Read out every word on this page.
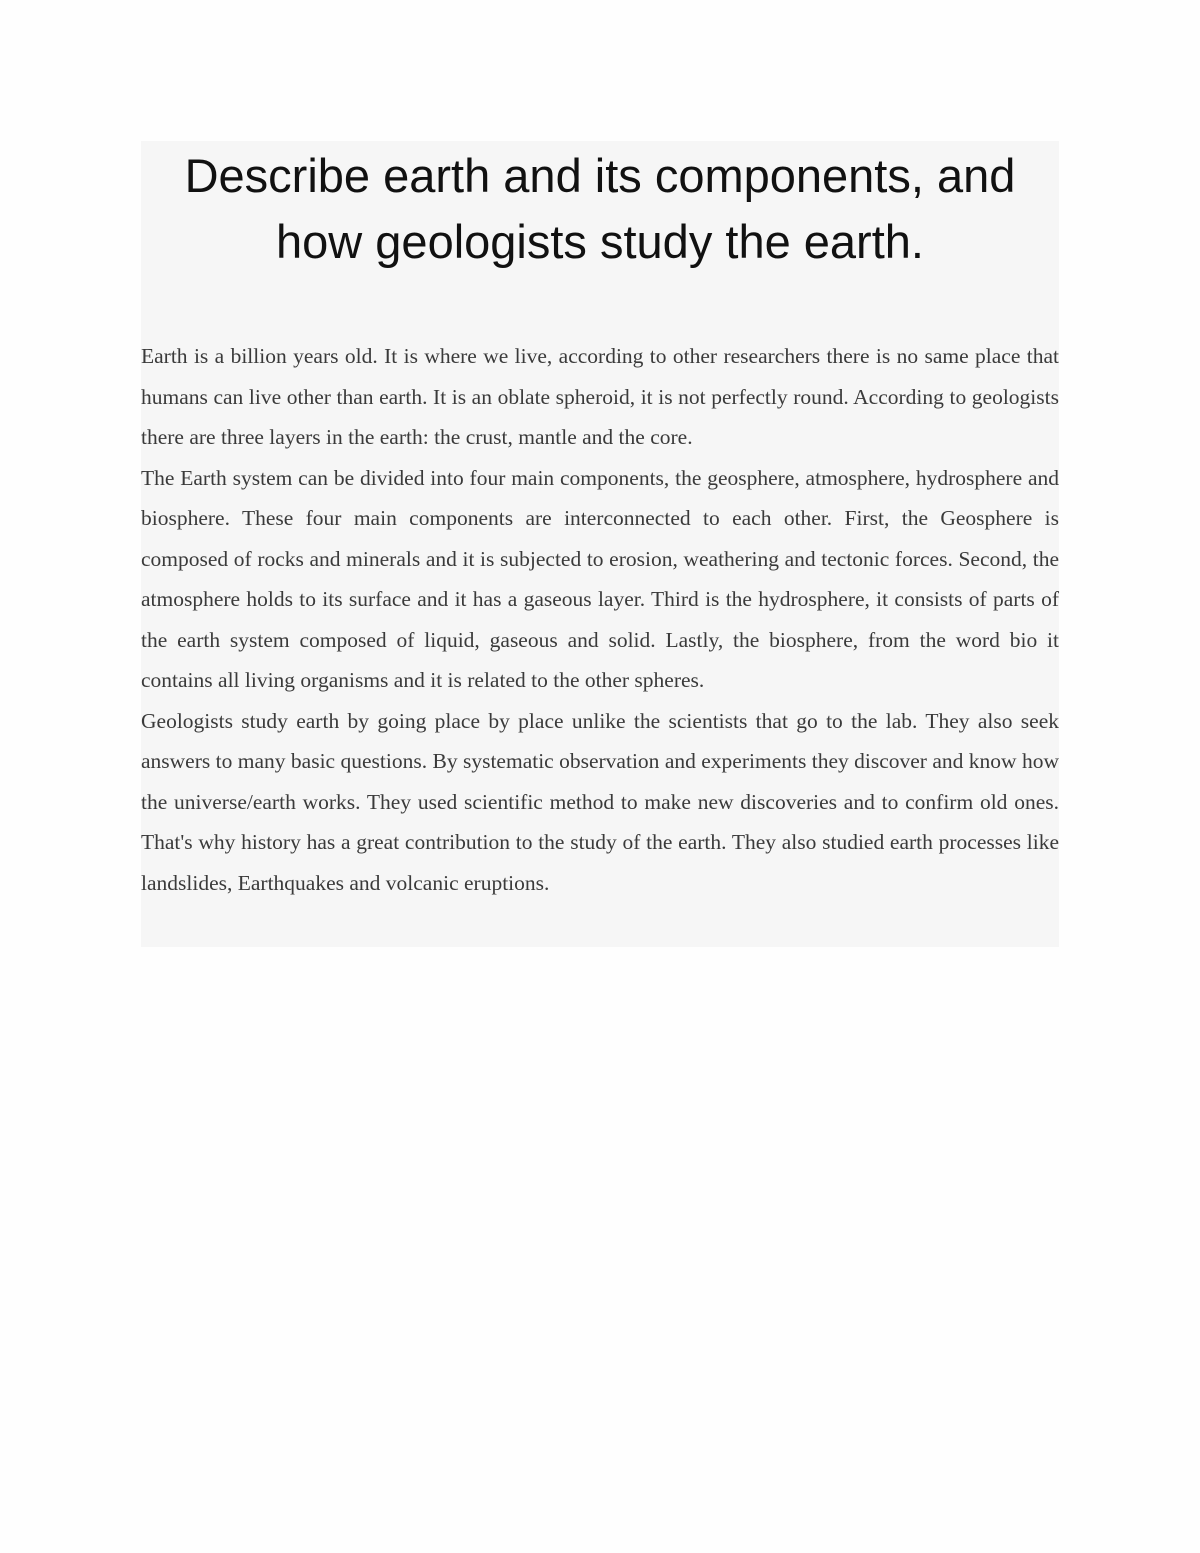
Describe earth and its components, and
how geologists study the earth.

Earth is a billion years old. It is where we live, according to other researchers there is no same place that humans can live other than earth. It is an oblate spheroid, it is not perfectly round. According to geologists there are three layers in the earth: the crust, mantle and the core.

The Earth system can be divided into four main components, the geosphere, atmosphere, hydrosphere and biosphere. These four main components are interconnected to each other. First, the Geosphere is composed of rocks and minerals and it is subjected to erosion, weathering and tectonic forces. Second, the atmosphere holds to its surface and it has a gaseous layer. Third is the hydrosphere, it consists of parts of the earth system composed of liquid, gaseous and solid. Lastly, the biosphere, from the word bio it contains all living organisms and it is related to the other spheres.

Geologists study earth by going place by place unlike the scientists that go to the lab. They also seek answers to many basic questions. By systematic observation and experiments they discover and know how the universe/earth works. They used scientific method to make new discoveries and to confirm old ones. That's why history has a great contribution to the study of the earth. They also studied earth processes like landslides, Earthquakes and volcanic eruptions.
